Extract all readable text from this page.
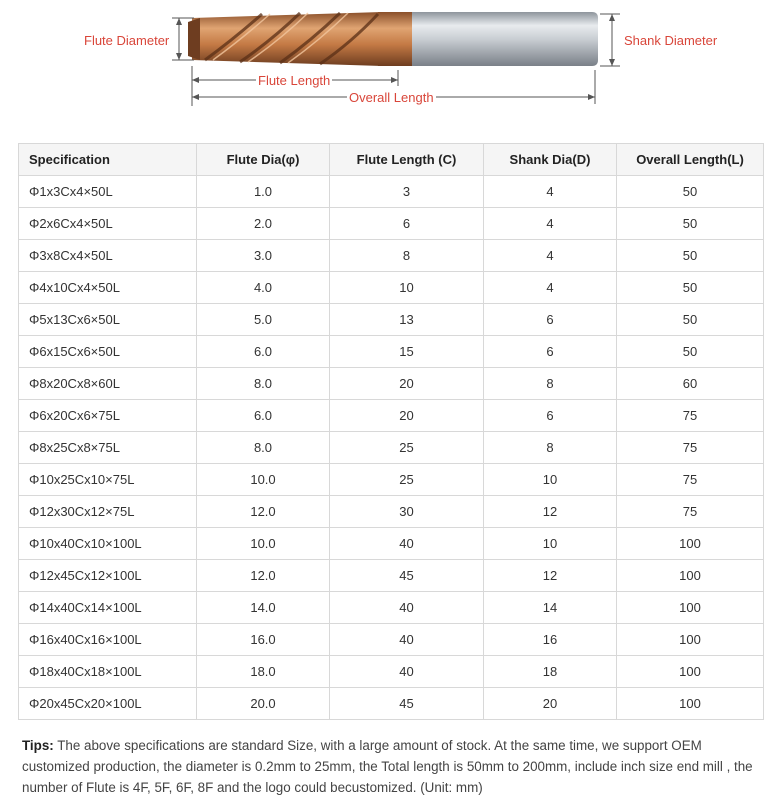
Flute Diameter	Shank Diameter
Flute Length
Overall Length
Specification	Flute Dia(φ)	Flute Length (C)	Shank Dia(D)	Overall Length(L)
Φ1x3Cx4×50L	1.0	3	4	50
Φ2x6Cx4×50L	2.0	6	4	50
Φ3x8Cx4×50L	3.0	8	4	50
Φ4x10Cx4×50L	4.0	10	4	50
Φ5x13Cx6×50L	5.0	13	6	50
Φ6x15Cx6×50L	6.0	15	6	50
Φ8x20Cx8×60L	8.0	20	8	60
Φ6x20Cx6×75L	6.0	20	6	75
Φ8x25Cx8×75L	8.0	25	8	75
Φ10x25Cx10×75L	10.0	25	10	75
Φ12x30Cx12×75L	12.0	30	12	75
Φ10x40Cx10×100L	10.0	40	10	100
Φ12x45Cx12×100L	12.0	45	12	100
Φ14x40Cx14×100L	14.0	40	14	100
Φ16x40Cx16×100L	16.0	40	16	100
Φ18x40Cx18×100L	18.0	40	18	100
Φ20x45Cx20×100L	20.0	45	20	100
Tips: The above specifications are standard Size, with a large amount of stock. At the same time, we support OEM customized production, the diameter is 0.2mm to 25mm, the Total length is 50mm to 200mm, include inch size end mill , the number of Flute is 4F, 5F, 6F, 8F and the logo could becustomized. (Unit: mm)
